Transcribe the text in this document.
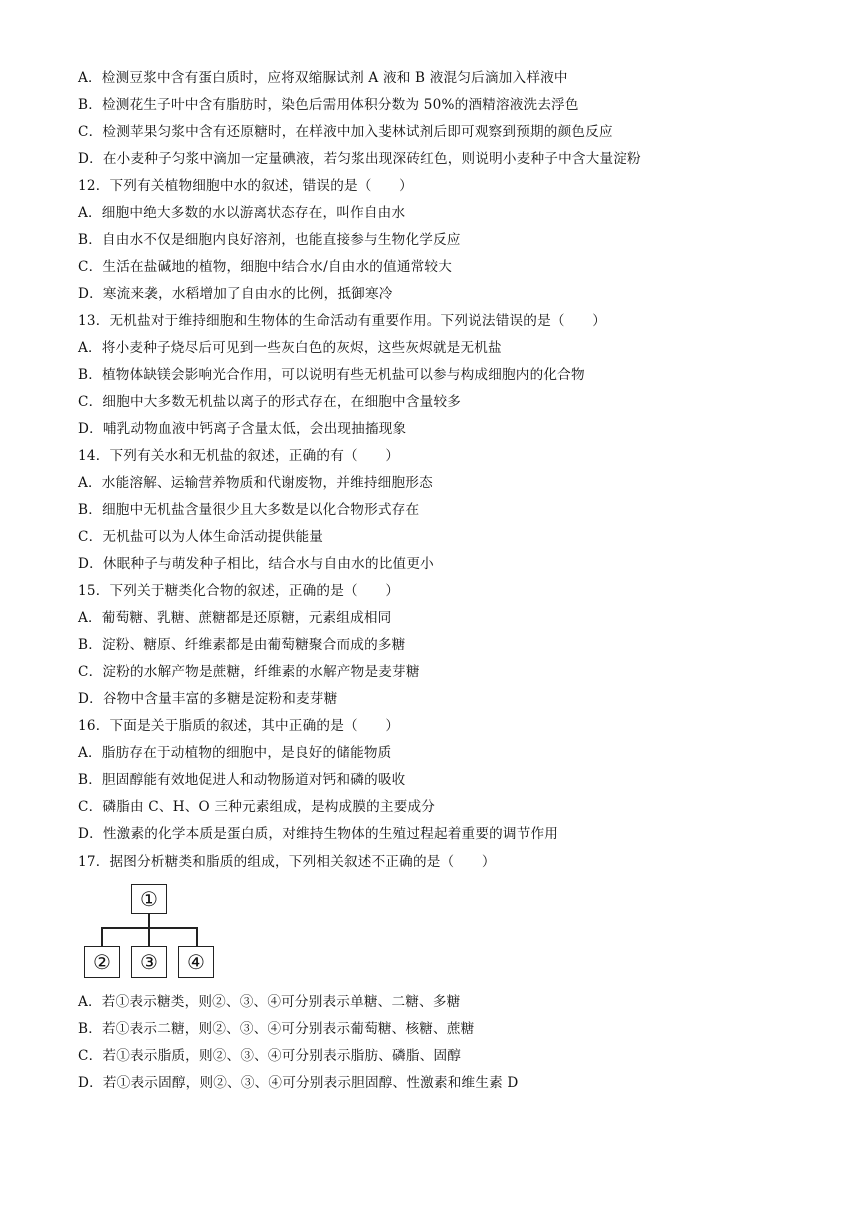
A．检测豆浆中含有蛋白质时，应将双缩脲试剂 A 液和 B 液混匀后滴加入样液中
B．检测花生子叶中含有脂肪时，染色后需用体积分数为 50%的酒精溶液洗去浮色
C．检测苹果匀浆中含有还原糖时，在样液中加入斐林试剂后即可观察到预期的颜色反应
D．在小麦种子匀浆中滴加一定量碘液，若匀浆出现深砖红色，则说明小麦种子中含大量淀粉
12．下列有关植物细胞中水的叙述，错误的是（　　）
A．细胞中绝大多数的水以游离状态存在，叫作自由水
B．自由水不仅是细胞内良好溶剂，也能直接参与生物化学反应
C．生活在盐碱地的植物，细胞中结合水/自由水的值通常较大
D．寒流来袭，水稻增加了自由水的比例，抵御寒冷
13．无机盐对于维持细胞和生物体的生命活动有重要作用。下列说法错误的是（　　）
A．将小麦种子烧尽后可见到一些灰白色的灰烬，这些灰烬就是无机盐
B．植物体缺镁会影响光合作用，可以说明有些无机盐可以参与构成细胞内的化合物
C．细胞中大多数无机盐以离子的形式存在，在细胞中含量较多
D．哺乳动物血液中钙离子含量太低，会出现抽搐现象
14．下列有关水和无机盐的叙述，正确的有（　　）
A．水能溶解、运输营养物质和代谢废物，并维持细胞形态
B．细胞中无机盐含量很少且大多数是以化合物形式存在
C．无机盐可以为人体生命活动提供能量
D．休眠种子与萌发种子相比，结合水与自由水的比值更小
15．下列关于糖类化合物的叙述，正确的是（　　）
A．葡萄糖、乳糖、蔗糖都是还原糖，元素组成相同
B．淀粉、糖原、纤维素都是由葡萄糖聚合而成的多糖
C．淀粉的水解产物是蔗糖，纤维素的水解产物是麦芽糖
D．谷物中含量丰富的多糖是淀粉和麦芽糖
16．下面是关于脂质的叙述，其中正确的是（　　）
A．脂肪存在于动植物的细胞中，是良好的储能物质
B．胆固醇能有效地促进人和动物肠道对钙和磷的吸收
C．磷脂由 C、H、O 三种元素组成，是构成膜的主要成分
D．性激素的化学本质是蛋白质，对维持生物体的生殖过程起着重要的调节作用
17．据图分析糖类和脂质的组成，下列相关叙述不正确的是（　　）
①
②	③	④
A．若①表示糖类，则②、③、④可分别表示单糖、二糖、多糖
B．若①表示二糖，则②、③、④可分别表示葡萄糖、核糖、蔗糖
C．若①表示脂质，则②、③、④可分别表示脂肪、磷脂、固醇
D．若①表示固醇，则②、③、④可分别表示胆固醇、性激素和维生素 D
